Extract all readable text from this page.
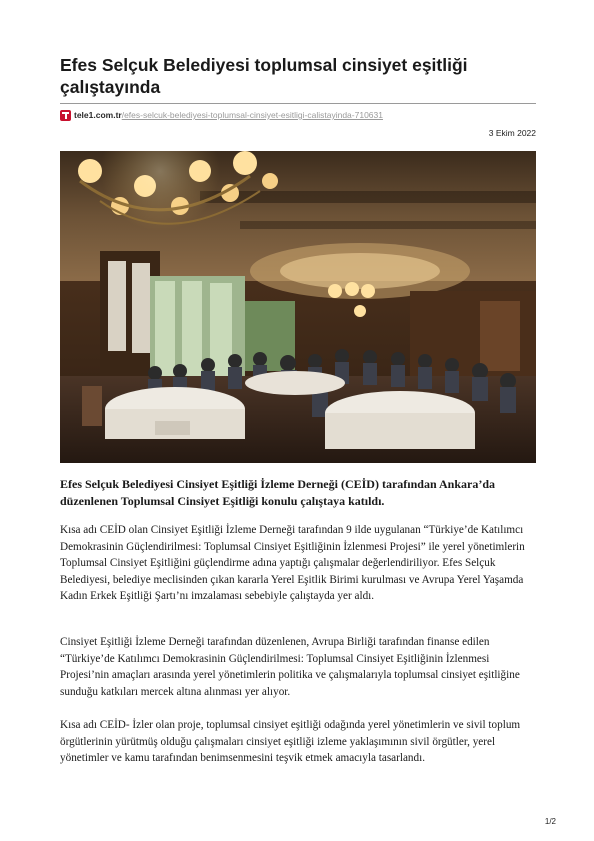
Efes Selçuk Belediyesi toplumsal cinsiyet eşitliği çalıştayında
tele1.com.tr /efes-selcuk-belediyesi-toplumsal-cinsiyet-esitligi-calistayinda-710631
3 Ekim 2022

Efes Selçuk Belediyesi Cinsiyet Eşitliği İzleme Derneği (CEİD) tarafından Ankara’da düzenlenen Toplumsal Cinsiyet Eşitliği konulu çalıştaya katıldı.

Kısa adı CEİD olan Cinsiyet Eşitliği İzleme Derneği tarafından 9 ilde uygulanan “Türkiye’de Katılımcı Demokrasinin Güçlendirilmesi: Toplumsal Cinsiyet Eşitliğinin İzlenmesi Projesi” ile yerel yönetimlerin Toplumsal Cinsiyet Eşitliğini güçlendirme adına yaptığı çalışmalar değerlendiriliyor. Efes Selçuk Belediyesi, belediye meclisinden çıkan kararla Yerel Eşitlik Birimi kurulması ve Avrupa Yerel Yaşamda Kadın Erkek Eşitliği Şartı’nı imzalaması sebebiyle çalıştayda yer aldı.

Cinsiyet Eşitliği İzleme Derneği tarafından düzenlenen, Avrupa Birliği tarafından finanse edilen “Türkiye’de Katılımcı Demokrasinin Güçlendirilmesi: Toplumsal Cinsiyet Eşitliğinin İzlenmesi Projesi’nin amaçları arasında yerel yönetimlerin politika ve çalışmalarıyla toplumsal cinsiyet eşitliğine sunduğu katkıları mercek altına alınması yer alıyor.

Kısa adı CEİD- İzler olan proje, toplumsal cinsiyet eşitliği odağında yerel yönetimlerin ve sivil toplum örgütlerinin yürütmüş olduğu çalışmaları cinsiyet eşitliği izleme yaklaşımının sivil örgütler, yerel yönetimler ve kamu tarafından benimsenmesini teşvik etmek amacıyla tasarlandı.

1/2
